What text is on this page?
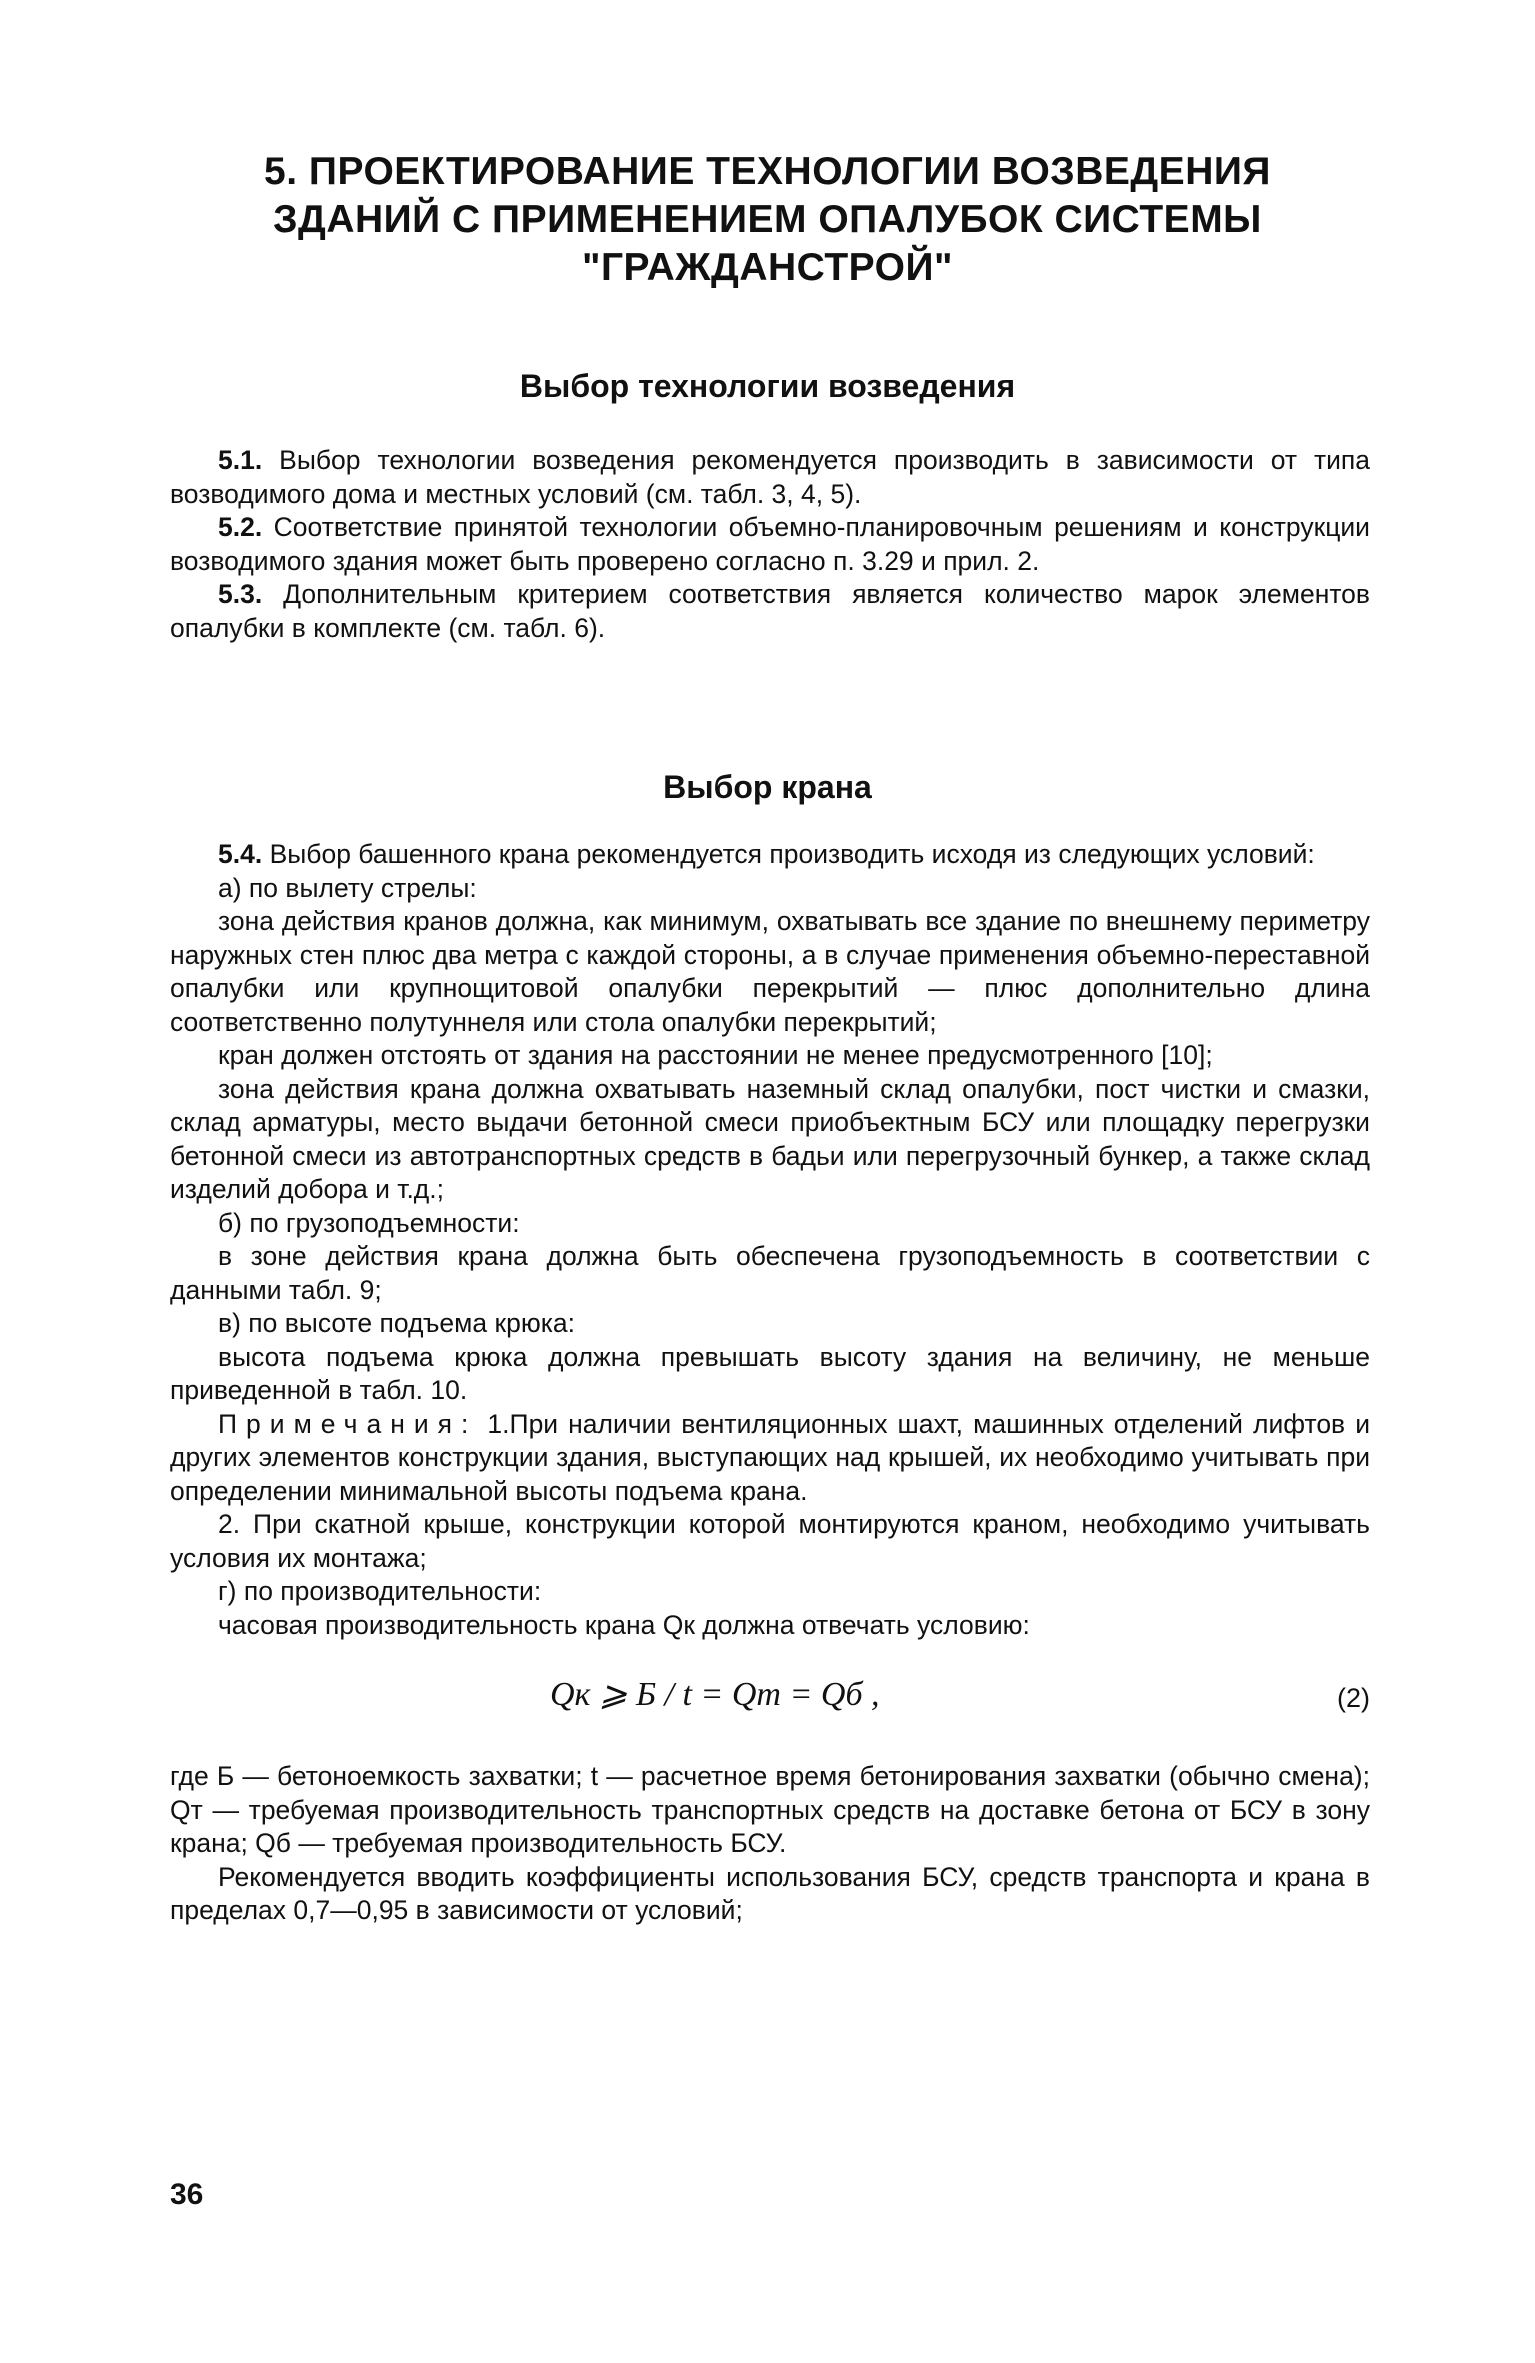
5. ПРОЕКТИРОВАНИЕ ТЕХНОЛОГИИ ВОЗВЕДЕНИЯ
ЗДАНИЙ С ПРИМЕНЕНИЕМ ОПАЛУБОК СИСТЕМЫ
"ГРАЖДАНСТРОЙ"
Выбор технологии возведения

5.1. Выбор технологии возведения рекомендуется производить в зависимости от типа возводимого дома и местных условий (см. табл. 3, 4, 5).

5.2. Соответствие принятой технологии объемно-планировочным решениям и конструкции возводимого здания может быть проверено согласно п. 3.29 и прил. 2.

5.3. Дополнительным критерием соответствия является количество марок элементов опалубки в комплекте (см. табл. 6).

Выбор крана

5.4. Выбор башенного крана рекомендуется производить исходя из следующих условий:

а) по вылету стрелы:

зона действия кранов должна, как минимум, охватывать все здание по внешнему периметру наружных стен плюс два метра с каждой стороны, а в случае применения объемно-переставной опалубки или крупнощитовой опалубки перекрытий — плюс дополнительно длина соответственно полутуннеля или стола опалубки перекрытий;

кран должен отстоять от здания на расстоянии не менее предусмотренного [10];

зона действия крана должна охватывать наземный склад опалубки, пост чистки и смазки, склад арматуры, место выдачи бетонной смеси приобъектным БСУ или площадку перегрузки бетонной смеси из автотранспортных средств в бадьи или перегрузочный бункер, а также склад изделий добора и т.д.;

б) по грузоподъемности:

в зоне действия крана должна быть обеспечена грузоподъемность в соответствии с данными табл. 9;

в) по высоте подъема крюка:

высота подъема крюка должна превышать высоту здания на величину, не меньше приведенной в табл. 10.

Примечания: 1.При наличии вентиляционных шахт, машинных отделений лифтов и других элементов конструкции здания, выступающих над крышей, их необходимо учитывать при определении минимальной высоты подъема крана.

2. При скатной крыше, конструкции которой монтируются краном, необходимо учитывать условия их монтажа;

г) по производительности:

часовая производительность крана Qк должна отвечать условию:

Qк ⩾ Б / t = Qт = Qб ,	(2)

где Б — бетоноемкость захватки; t — расчетное время бетонирования захватки (обычно смена); Qт — требуемая производительность транспортных средств на доставке бетона от БСУ в зону крана; Qб — требуемая производительность БСУ.

Рекомендуется вводить коэффициенты использования БСУ, средств транспорта и крана в пределах 0,7—0,95 в зависимости от условий;

36
